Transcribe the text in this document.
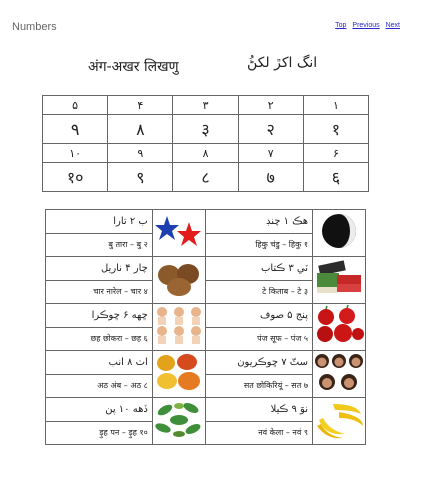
Numbers	Top Previous Next
अंग-अखर लिखणु	انگ اکڙ لکڻُ
۵	۴	۳	۲	۱
۹	۸	३	२	१
۱۰	۹	۸	۷	۶
१०	९	८	७	६
ب ۲ تارا		هڪ ۱ چنڊ	
बु तारा – बु २		हिकु चंडु – हिकु १	
چار ۴ ناریل		ٽي ۳ ڪتاب	
चार नारेल – चार ४		टे किताब – टे ३	
ڇهه ۶ ڇوڪرا		پنج ۵ صوف	
छह छोकरा – छह ६		पंज सूफ – पंज ५	
اٺ ۸ انب		ستّ ۷ ڇوڪريون	
अठ अंब – अठ ८		सत छोकिरियूं – सत ७	
ڏهه ۱۰ پن		نوَ ۹ ڪيلا	
ड़ुह पन – ड़ुह १०		नवं केला – नवं ९	
